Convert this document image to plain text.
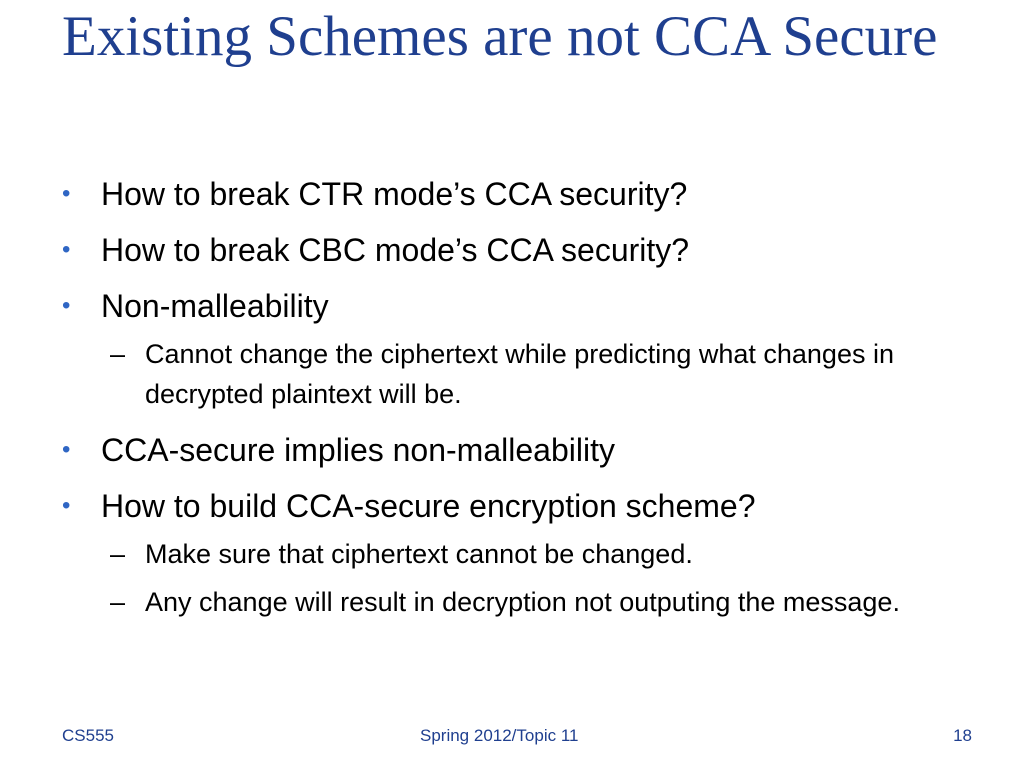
Existing Schemes are not CCA Secure
• How to break CTR mode’s CCA security?
• How to break CBC mode’s CCA security?
• Non-malleability
– Cannot change the ciphertext while predicting what changes in decrypted plaintext will be.
• CCA-secure implies non-malleability
• How to build CCA-secure encryption scheme?
– Make sure that ciphertext cannot be changed.
– Any change will result in decryption not outputing the message.
CS555	Spring 2012/Topic 11	18
